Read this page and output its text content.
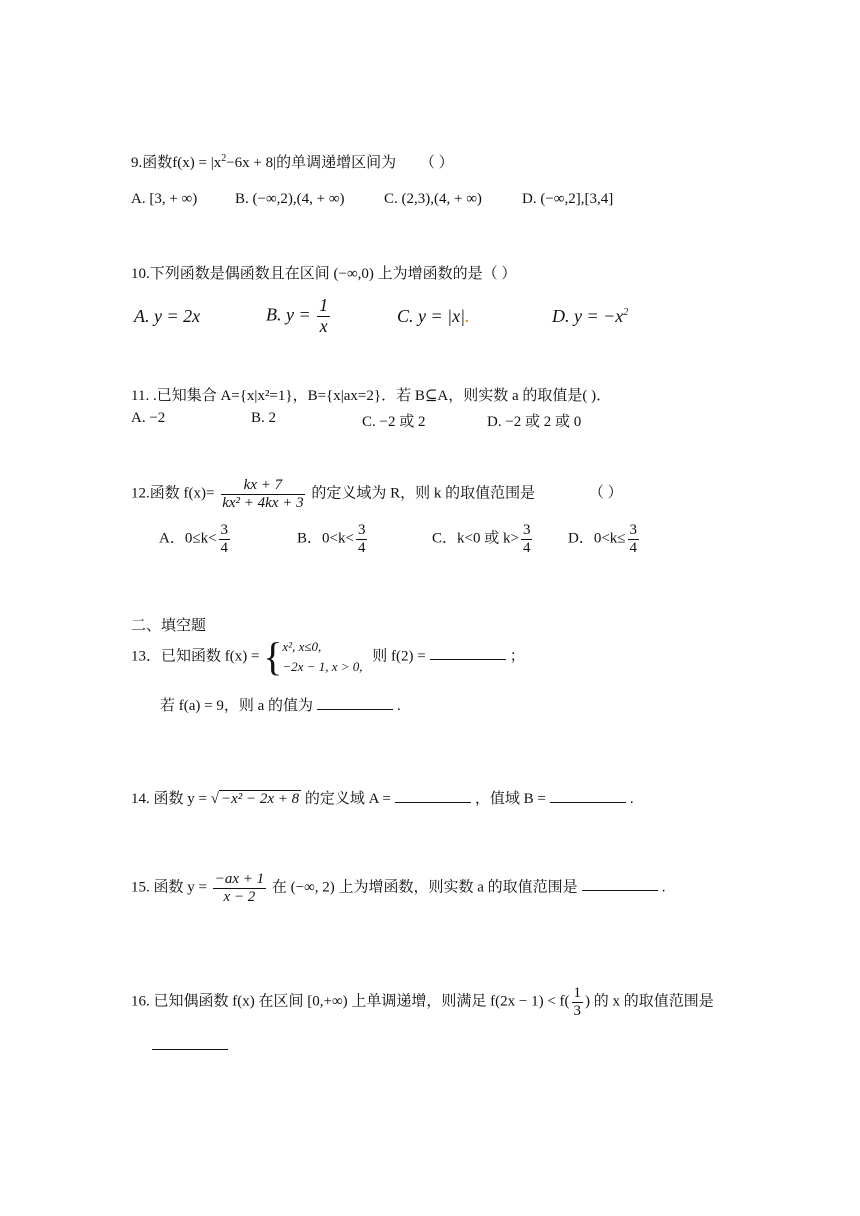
9.函数$f(x) = |x^2-6x + 8|$的单调递增区间为 （ ）
A. [3, + ∞)	B. (−∞,2),(4, + ∞)	C. (2,3),(4, + ∞)	D. (−∞,2],[3,4]
10.下列函数是偶函数且在区间 (−∞,0) 上为增函数的是（ ）
A. y = 2x	B. $y = \frac{1}{x}$	C. y = |x|.	D. $y = -x^2$
11. .已知集合 A={x|x²=1}，B={x|ax=2}．若 B⊆A，则实数 a 的取值是( )．
A. −2	B. 2	C. −2 或 2	D. −2 或 2 或 0
12.函数 $f(x)= \frac{kx + 7}{\text{kx² + 4kx + 3}}$ 的定义域为 R，则 k 的取值范围是	（ ）
A．$0\le k< \frac{3}{4}$	B．$0<k< \frac{3}{4}$	C．k<0 或 $k> \frac{3}{4}$ D．$0<k\le \frac{3}{4}$
二、填空题
13．已知函数 f(x) = { x², x≤0,
−2x − 1, x > 0,
则 f(2) =	；
若 f(a) = 9，则 a 的值为	.
14. 函数 y = √ −x² − 2x + 8 的定义域 A =	，值域 B =	.
15. 函数 $y = \frac{-ax + 1}{x - 2}$ 在 (−∞, 2) 上为增函数，则实数 a 的取值范围是	.
16. 已知偶函数 f(x) 在区间 [0,+∞) 上单调递增，则满足 $f(2x - 1) < f( \frac{1}{3}$ ) 的 x 的取值范围是
